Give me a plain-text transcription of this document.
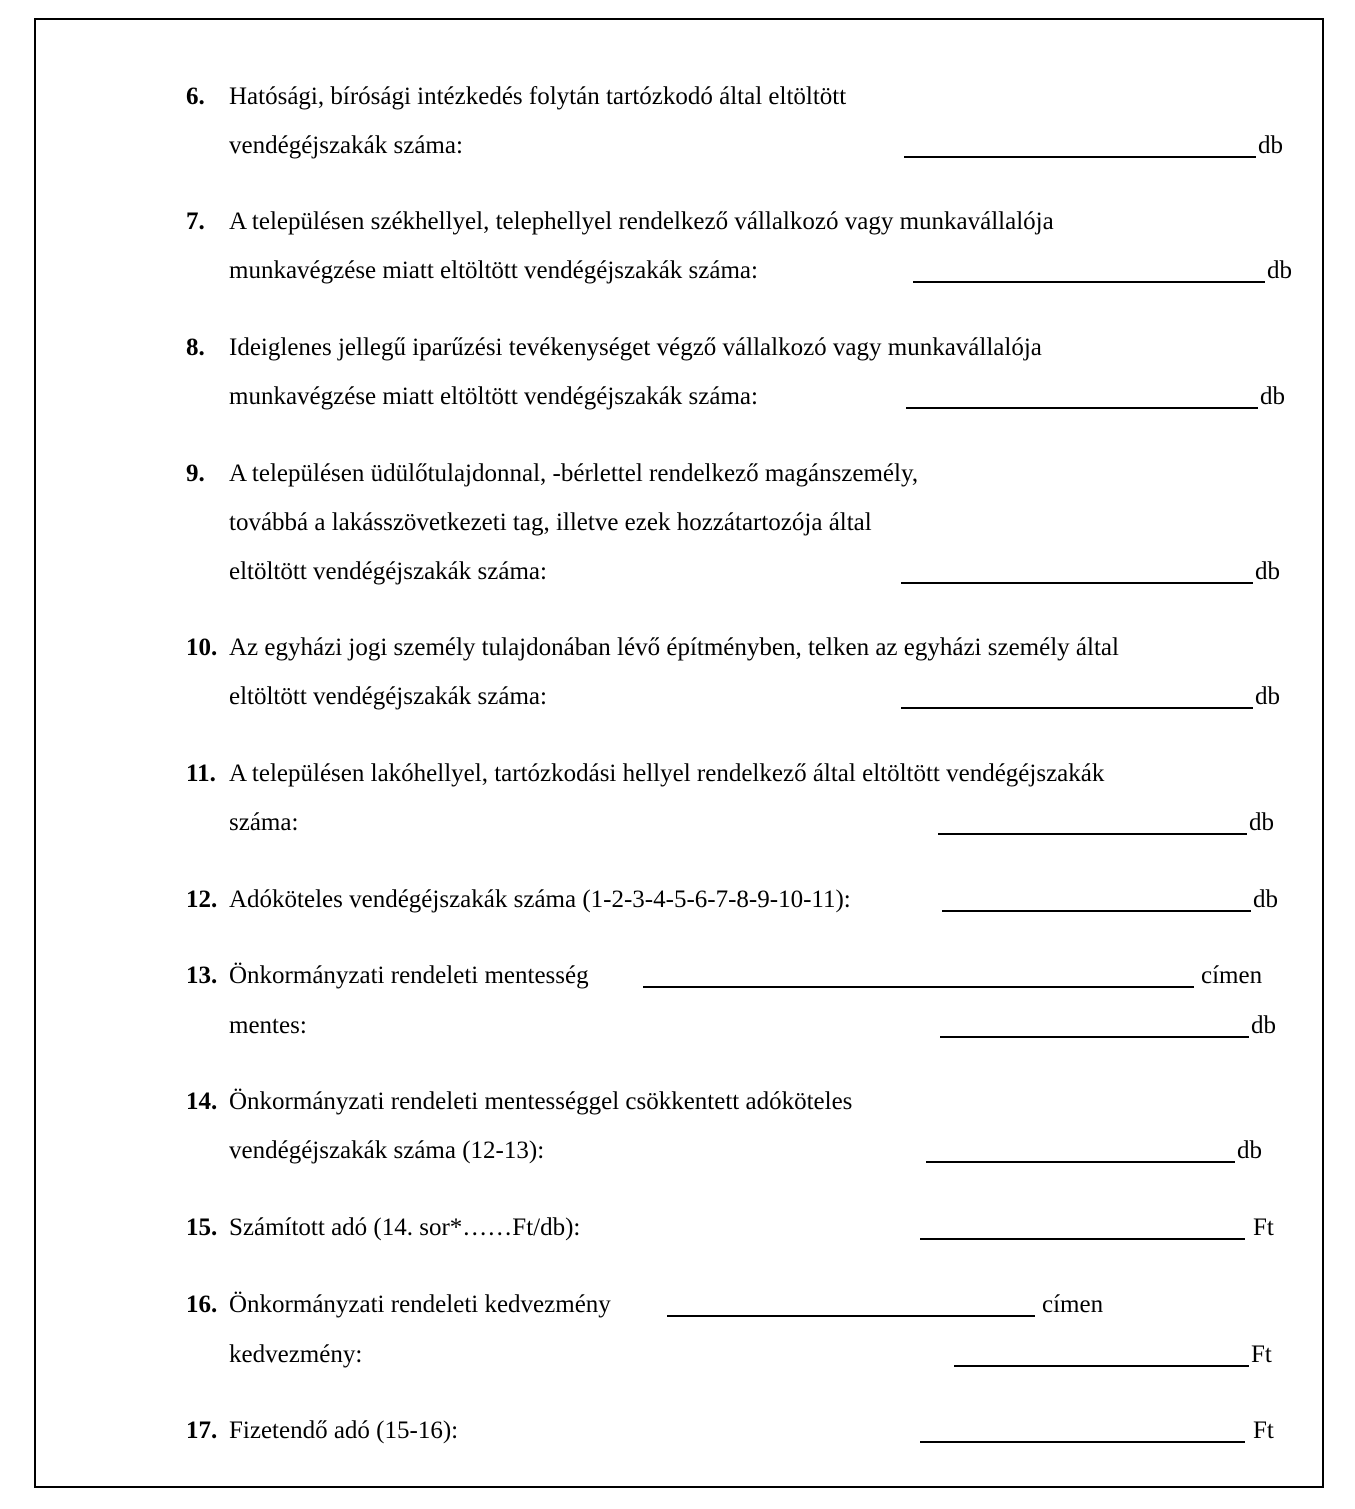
6. Hatósági, bírósági intézkedés folytán tartózkodó által eltöltött
vendégéjszakák száma:	db
7. A településen székhellyel, telephellyel rendelkező vállalkozó vagy munkavállalója
munkavégzése miatt eltöltött vendégéjszakák száma:	db
8. Ideiglenes jellegű iparűzési tevékenységet végző vállalkozó vagy munkavállalója
munkavégzése miatt eltöltött vendégéjszakák száma:	db
9. A településen üdülőtulajdonnal, -bérlettel rendelkező magánszemély,
továbbá a lakásszövetkezeti tag, illetve ezek hozzátartozója által
eltöltött vendégéjszakák száma:	db
10. Az egyházi jogi személy tulajdonában lévő építményben, telken az egyházi személy által
eltöltött vendégéjszakák száma:	db
11. A településen lakóhellyel, tartózkodási hellyel rendelkező által eltöltött vendégéjszakák
száma:	db
12. Adóköteles vendégéjszakák száma (1-2-3-4-5-6-7-8-9-10-11):	db
13. Önkormányzati rendeleti mentesség	címen
mentes:	db
14. Önkormányzati rendeleti mentességgel csökkentett adóköteles
vendégéjszakák száma (12-13):	db
15. Számított adó (14. sor*……Ft/db):	Ft
16. Önkormányzati rendeleti kedvezmény	címen
kedvezmény:	Ft
17. Fizetendő adó (15-16):	Ft
